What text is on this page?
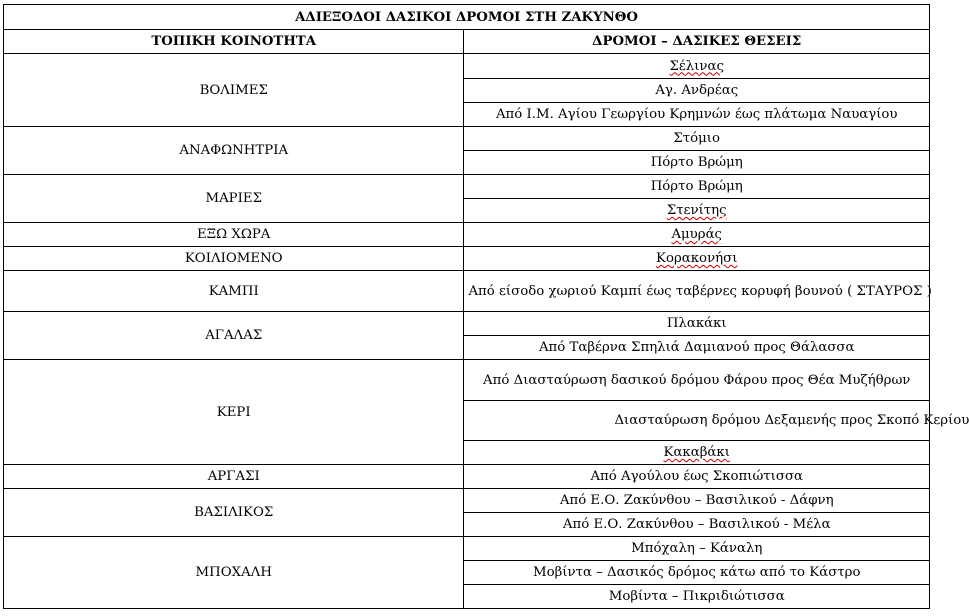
ΑΔΙΕΞΟΔΟΙ ΔΑΣΙΚΟΙ ΔΡΟΜΟΙ ΣΤΗ ΖΑΚΥΝΘΟ	
ΤΟΠΙΚΗ ΚΟΙΝΟΤΗΤΑ	ΔΡΟΜΟΙ – ΔΑΣΙΚΕΣ ΘΕΣΕΙΣ
ΒΟΛΙΜΕΣ	Σέλινας
	Αγ. Ανδρέας
	Από Ι.Μ. Αγίου Γεωργίου Κρημνών έως πλάτωμα Ναυαγίου
ΑΝΑΦΩΝΗΤΡΙΑ	Στόμιο
	Πόρτο Βρώμη
ΜΑΡΙΕΣ	Πόρτο Βρώμη
	Στενίτης
ΕΞΩ ΧΩΡΑ	Αμυράς
ΚΟΙΛΙΟΜΕΝΟ	Κορακονήσι
ΚΑΜΠΙ	Από είσοδο χωριού Καμπί έως ταβέρνες κορυφή βουνού ( ΣΤΑΥΡΟΣ )
ΑΓΑΛΑΣ	Πλακάκι
	Από Ταβέρνα Σπηλιά Δαμιανού προς Θάλασσα
ΚΕΡΙ	Από Διασταύρωση δασικού δρόμου Φάρου προς Θέα Μυζήθρων
	Διασταύρωση δρόμου Δεξαμενής προς Σκοπό Κερίου
	Κακαβάκι
ΑΡΓΑΣΙ	Από Αγούλου έως Σκοπιώτισσα
ΒΑΣΙΛΙΚΟΣ	Από Ε.Ο. Ζακύνθου – Βασιλικού - Δάφνη
	Από Ε.Ο. Ζακύνθου – Βασιλικού - Μέλα
ΜΠΟΧΑΛΗ	Μπόχαλη – Κάναλη
	Μοβίντα – Δασικός δρόμος κάτω από το Κάστρο
	Μοβίντα – Πικριδιώτισσα
